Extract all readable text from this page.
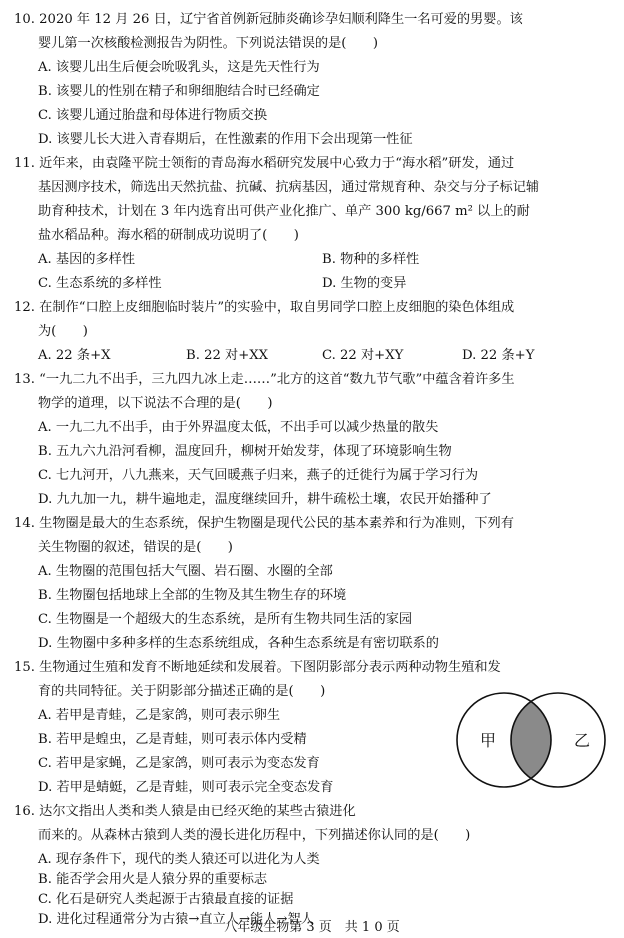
10. 2020 年 12 月 26 日，辽宁省首例新冠肺炎确诊孕妇顺利降生一名可爱的男婴。该
婴儿第一次核酸检测报告为阴性。下列说法错误的是(　　)
A. 该婴儿出生后便会吮吸乳头，这是先天性行为
B. 该婴儿的性别在精子和卵细胞结合时已经确定
C. 该婴儿通过胎盘和母体进行物质交换
D. 该婴儿长大进入青春期后，在性激素的作用下会出现第一性征
11. 近年来，由袁隆平院士领衔的青岛海水稻研究发展中心致力于“海水稻”研发，通过
基因测序技术，筛选出天然抗盐、抗碱、抗病基因，通过常规育种、杂交与分子标记辅
助育种技术，计划在 3 年内选育出可供产业化推广、单产 300 kg/667 m² 以上的耐
盐水稻品种。海水稻的研制成功说明了(　　)
A. 基因的多样性	B. 物种的多样性
C. 生态系统的多样性	D. 生物的变异
12. 在制作“口腔上皮细胞临时装片”的实验中，取自男同学口腔上皮细胞的染色体组成
为(　　)
A. 22 条+X	B. 22 对+XX	C. 22 对+XY	D. 22 条+Y
13. “一九二九不出手，三九四九冰上走……”北方的这首“数九节气歌”中蕴含着许多生
物学的道理，以下说法不合理的是(　　)
A. 一九二九不出手，由于外界温度太低，不出手可以减少热量的散失
B. 五九六九沿河看柳，温度回升，柳树开始发芽，体现了环境影响生物
C. 七九河开，八九燕来，天气回暖燕子归来，燕子的迁徙行为属于学习行为
D. 九九加一九，耕牛遍地走，温度继续回升，耕牛疏松土壤，农民开始播种了
14. 生物圈是最大的生态系统，保护生物圈是现代公民的基本素养和行为准则，下列有
关生物圈的叙述，错误的是(　　)
A. 生物圈的范围包括大气圈、岩石圈、水圈的全部
B. 生物圈包括地球上全部的生物及其生物生存的环境
C. 生物圈是一个超级大的生态系统，是所有生物共同生活的家园
D. 生物圈中多种多样的生态系统组成，各种生态系统是有密切联系的
15. 生物通过生殖和发育不断地延续和发展着。下图阴影部分表示两种动物生殖和发
育的共同特征。关于阴影部分描述正确的是(　　)
A. 若甲是青蛙，乙是家鸽，则可表示卵生
B. 若甲是蝗虫，乙是青蛙，则可表示体内受精
C. 若甲是家蝇，乙是家鸽，则可表示为变态发育
D. 若甲是蜻蜓，乙是青蛙，则可表示完全变态发育
甲	乙
16. 达尔文指出人类和类人猿是由已经灭绝的某些古猿进化
而来的。从森林古猿到人类的漫长进化历程中，下列描述你认同的是(　　)
A. 现存条件下，现代的类人猿还可以进化为人类
B. 能否学会用火是人猿分界的重要标志
C. 化石是研究人类起源于古猿最直接的证据
D. 进化过程通常分为古猿→直立人→能人→智人
八年级生物第 3 页　共 1 0 页
